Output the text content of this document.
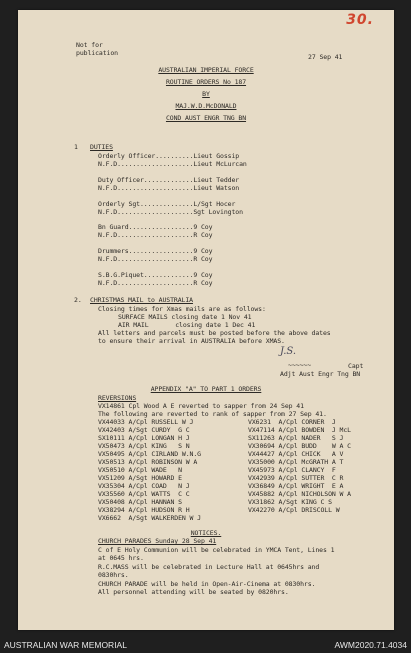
30.
Not for
publication	27 Sep 41
AUSTRALIAN IMPERIAL FORCE
ROUTINE ORDERS No 187
BY
MAJ.W.D.McDONALD
COND AUST ENGR TNG BN
1 DUTIES
Orderly Officer..........Lieut Gossip
N.F.D....................Lieut McLurcan
Duty Officer.............Lieut Tedder
N.F.D....................Lieut Watson
Orderly Sgt..............L/Sgt Hocer
N.F.D....................Sgt Lovington
Bn Guard.................9 Coy
N.F.D....................R Coy
Drummers.................9 Coy
N.F.D....................R Coy
S.B.G.Piquet.............9 Coy
N.F.D....................R Coy
2. CHRISTMAS MAIL to AUSTRALIA
Closing times for Xmas mails are as follows:
SURFACE MAILS closing date 1 Nov 41
AIR MAIL       closing date 1 Dec 41
All letters and parcels must be posted before the above dates
to ensure their arrival in AUSTRALIA before XMAS.
J.S.
~~~~~~	Capt
Adjt Aust Engr Tng BN
APPENDIX "A" TO PART 1 ORDERS
REVERSIONS
VX14861 Cpl Wood A E reverted to sapper from 24 Sep 41
The following are reverted to rank of sapper from 27 Sep 41.
VX44033 A/Cpl RUSSELL W J
VX42403 A/Sgt CURDY  G C
SX10111 A/Cpl LONGAN H J
VX50473 A/Cpl KING   S N
VX50495 A/Cpl CIRLAND W.N.G
VX50513 A/Cpl ROBINSON W A
VX50510 A/Cpl WADE   N
VX51209 A/Sgt HOWARD E
VX35304 A/Cpl COAD   N J
VX35560 A/Cpl WATTS  C C
VX50408 A/Cpl HANNAN S
VX38294 A/Cpl HUDSON R H
VX6662  A/Sgt WALKERDEN W J
VX6231  A/Cpl CORNER  J
VX47114 A/Cpl BOWDEN  J McL
SX11263 A/Cpl NADER   S J
VX30694 A/Cpl BUDD    W A C
VX44427 A/Cpl CHICK   A V
VX35000 A/Cpl McGRATH A T
VX45973 A/Cpl CLANCY  F
VX42939 A/Cpl SUTTER  C R
VX36849 A/Cpl WRIGHT  E A
VX45882 A/Cpl NICHOLSON W A
VX31862 A/Sgt KING C S
VX42270 A/Cpl DRISCOLL W
NOTICES.
CHURCH PARADES Sunday 28 Sep 41
C of E Holy Communion will be celebrated in YMCA Tent, Lines 1
at 0645 hrs.
R.C.MASS will be celebrated in Lecture Hall at 0645hrs and
0830hrs.
CHURCH PARADE will be held in Open-Air-Cinema at 0830hrs.
All personnel attending will be seated by 0820hrs.
AUSTRALIAN WAR MEMORIAL	AWM2020.71.4034
